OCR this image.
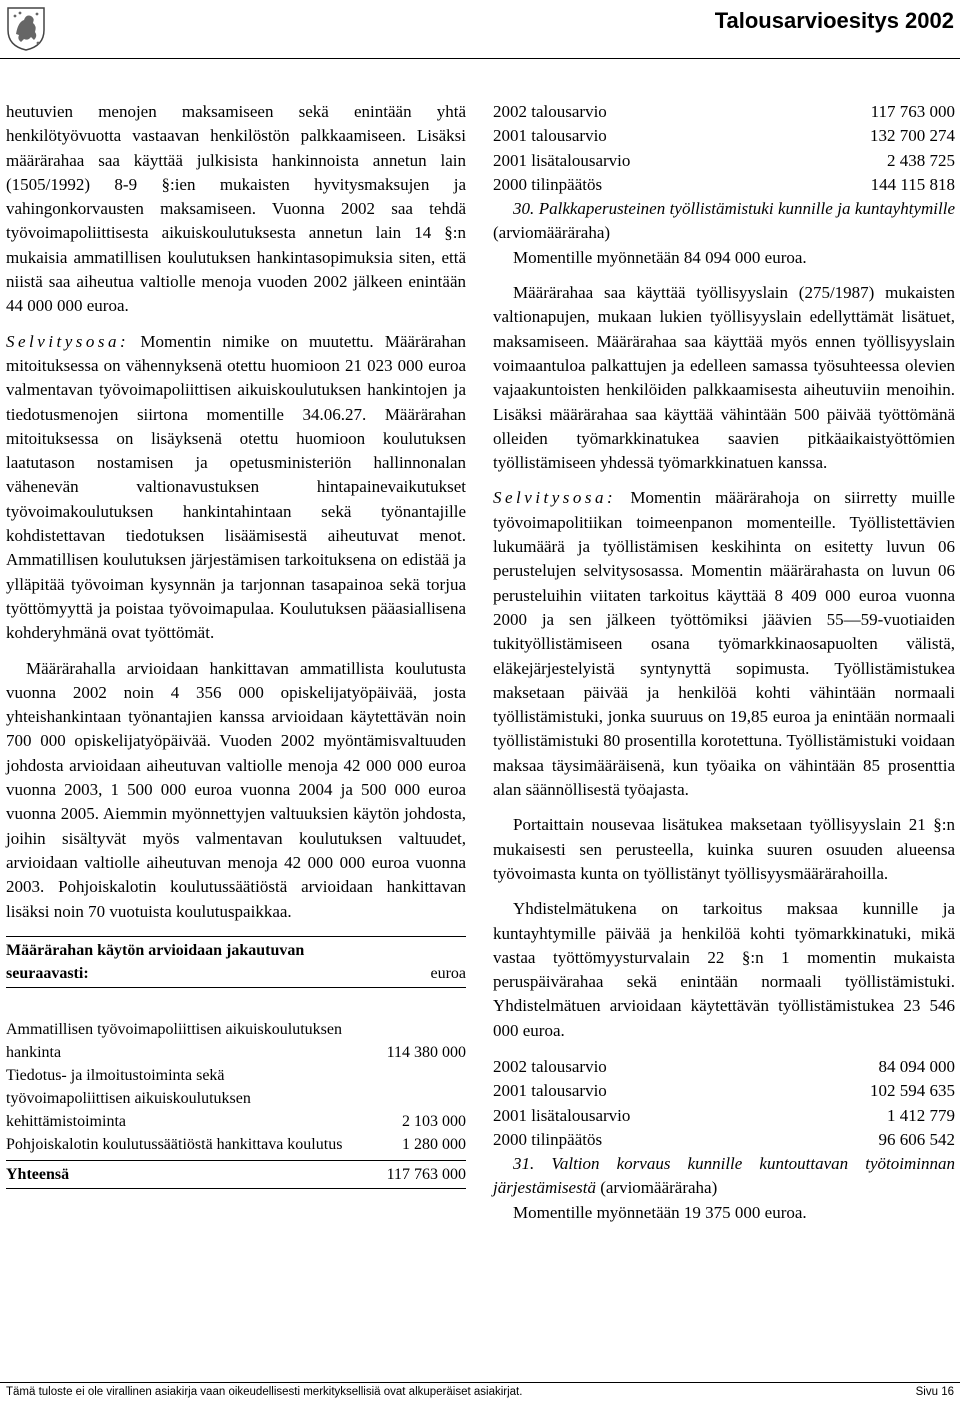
Talousarvioesitys 2002

heutuvien menojen maksamiseen sekä enintään yhtä henkilötyövuotta vastaavan henkilöstön palkkaamiseen. Lisäksi määrärahaa saa käyttää julkisista hankinnoista annetun lain (1505/1992) 8-9 §:ien mukaisten hyvitysmaksujen ja vahingonkorvausten maksamiseen. Vuonna 2002 saa tehdä työvoimapoliittisesta aikuiskoulutuksesta annetun lain 14 §:n mukaisia ammatillisen koulutuksen hankintasopimuksia siten, että niistä saa aiheutua valtiolle menoja vuoden 2002 jälkeen enintään 44 000 000 euroa.

Selvitysosa: Momentin nimike on muutettu. Määrärahan mitoituksessa on vähennyksenä otettu huomioon 21 023 000 euroa valmentavan työvoimapoliittisen aikuiskoulutuksen hankintojen ja tiedotusmenojen siirtona momentille 34.06.27. Määrärahan mitoituksessa on lisäyksenä otettu huomioon koulutuksen laatutason nostamisen ja opetusministeriön hallinnonalan vähenevän valtionavustuksen hintapainevaikutukset työvoimakoulutuksen hankintahintaan sekä työnantajille kohdistettavan tiedotuksen lisäämisestä aiheutuvat menot. Ammatillisen koulutuksen järjestämisen tarkoituksena on edistää ja ylläpitää työvoiman kysynnän ja tarjonnan tasapainoa sekä torjua työttömyyttä ja poistaa työvoimapulaa. Koulutuksen pääasiallisena kohderyhmänä ovat työttömät.

Määrärahalla arvioidaan hankittavan ammatillista koulutusta vuonna 2002 noin 4 356 000 opiskelijatyöpäivää, josta yhteishankintaan työnantajien kanssa arvioidaan käytettävän noin 700 000 opiskelijatyöpäivää. Vuoden 2002 myöntämisvaltuuden johdosta arvioidaan aiheutuvan valtiolle menoja 42 000 000 euroa vuonna 2003, 1 500 000 euroa vuonna 2004 ja 500 000 euroa vuonna 2005. Aiemmin myönnettyjen valtuuksien käytön johdosta, joihin sisältyvät myös valmentavan koulutuksen valtuudet, arvioidaan valtiolle aiheutuvan menoja 42 000 000 euroa vuonna 2003. Pohjoiskalotin koulutussäätiöstä arvioidaan hankittavan lisäksi noin 70 vuotuista koulutuspaikkaa.

Määrärahan käytön arvioidaan jakautuvan seuraavasti:	euroa
Ammatillisen työvoimapoliittisen aikuiskoulutuksen hankinta	114 380 000
Tiedotus- ja ilmoitustoiminta sekä työvoimapoliittisen aikuiskoulutuksen kehittämistoiminta	2 103 000
Pohjoiskalotin koulutussäätiöstä hankittava koulutus	1 280 000
Yhteensä	117 763 000
2002 talousarvio	117 763 000
2001 talousarvio	132 700 274
2001 lisätalousarvio	2 438 725
2000 tilinpäätös	144 115 818

30. Palkkaperusteinen työllistämistuki kunnille ja kuntayhtymille (arviomääräraha)

Momentille myönnetään 84 094 000 euroa.

Määrärahaa saa käyttää työllisyyslain (275/1987) mukaisten valtionapujen, mukaan lukien työllisyyslain edellyttämät lisätuet, maksamiseen. Määrärahaa saa käyttää myös ennen työllisyyslain voimaantuloa palkattujen ja edelleen samassa työsuhteessa olevien vajaakuntoisten henkilöiden palkkaamisesta aiheutuviin menoihin. Lisäksi määrärahaa saa käyttää vähintään 500 päivää työttömänä olleiden työmarkkinatukea saavien pitkäaikaistyöttömien työllistämiseen yhdessä työmarkkinatuen kanssa.

Selvitysosa: Momentin määrärahoja on siirretty muille työvoimapolitiikan toimeenpanon momenteille. Työllistettävien lukumäärä ja työllistämisen keskihinta on esitetty luvun 06 perustelujen selvitysosassa. Momentin määrärahasta on luvun 06 perusteluihin viitaten tarkoitus käyttää 8 409 000 euroa vuonna 2000 ja sen jälkeen työttömiksi jäävien 55—59-vuotiaiden tukityöllistämiseen osana työmarkkinaosapuolten välistä, eläkejärjestelyistä syntynyttä sopimusta. Työllistämistukea maksetaan päivää ja henkilöä kohti vähintään normaali työllistämistuki, jonka suuruus on 19,85 euroa ja enintään normaali työllistämistuki 80 prosentilla korotettuna. Työllistämistuki voidaan maksaa täysimääräisenä, kun työaika on vähintään 85 prosenttia alan säännöllisestä työajasta.

Portaittain nousevaa lisätukea maksetaan työllisyyslain 21 §:n mukaisesti sen perusteella, kuinka suuren osuuden alueensa työvoimasta kunta on työllistänyt työllisyysmäärärahoilla.

Yhdistelmätukena on tarkoitus maksaa kunnille ja kuntayhtymille päivää ja henkilöä kohti työmarkkinatuki, mikä vastaa työttömyysturvalain 22 §:n 1 momentin mukaista peruspäivärahaa sekä enintään normaali työllistämistuki. Yhdistelmätuen arvioidaan käytettävän työllistämistukea 23 546 000 euroa.

2002 talousarvio	84 094 000
2001 talousarvio	102 594 635
2001 lisätalousarvio	1 412 779
2000 tilinpäätös	96 606 542

31. Valtion korvaus kunnille kuntouttavan työtoiminnan järjestämisestä (arviomääräraha)

Momentille myönnetään 19 375 000 euroa.

Tämä tuloste ei ole virallinen asiakirja vaan oikeudellisesti merkityksellisiä ovat alkuperäiset asiakirjat.	Sivu 16
